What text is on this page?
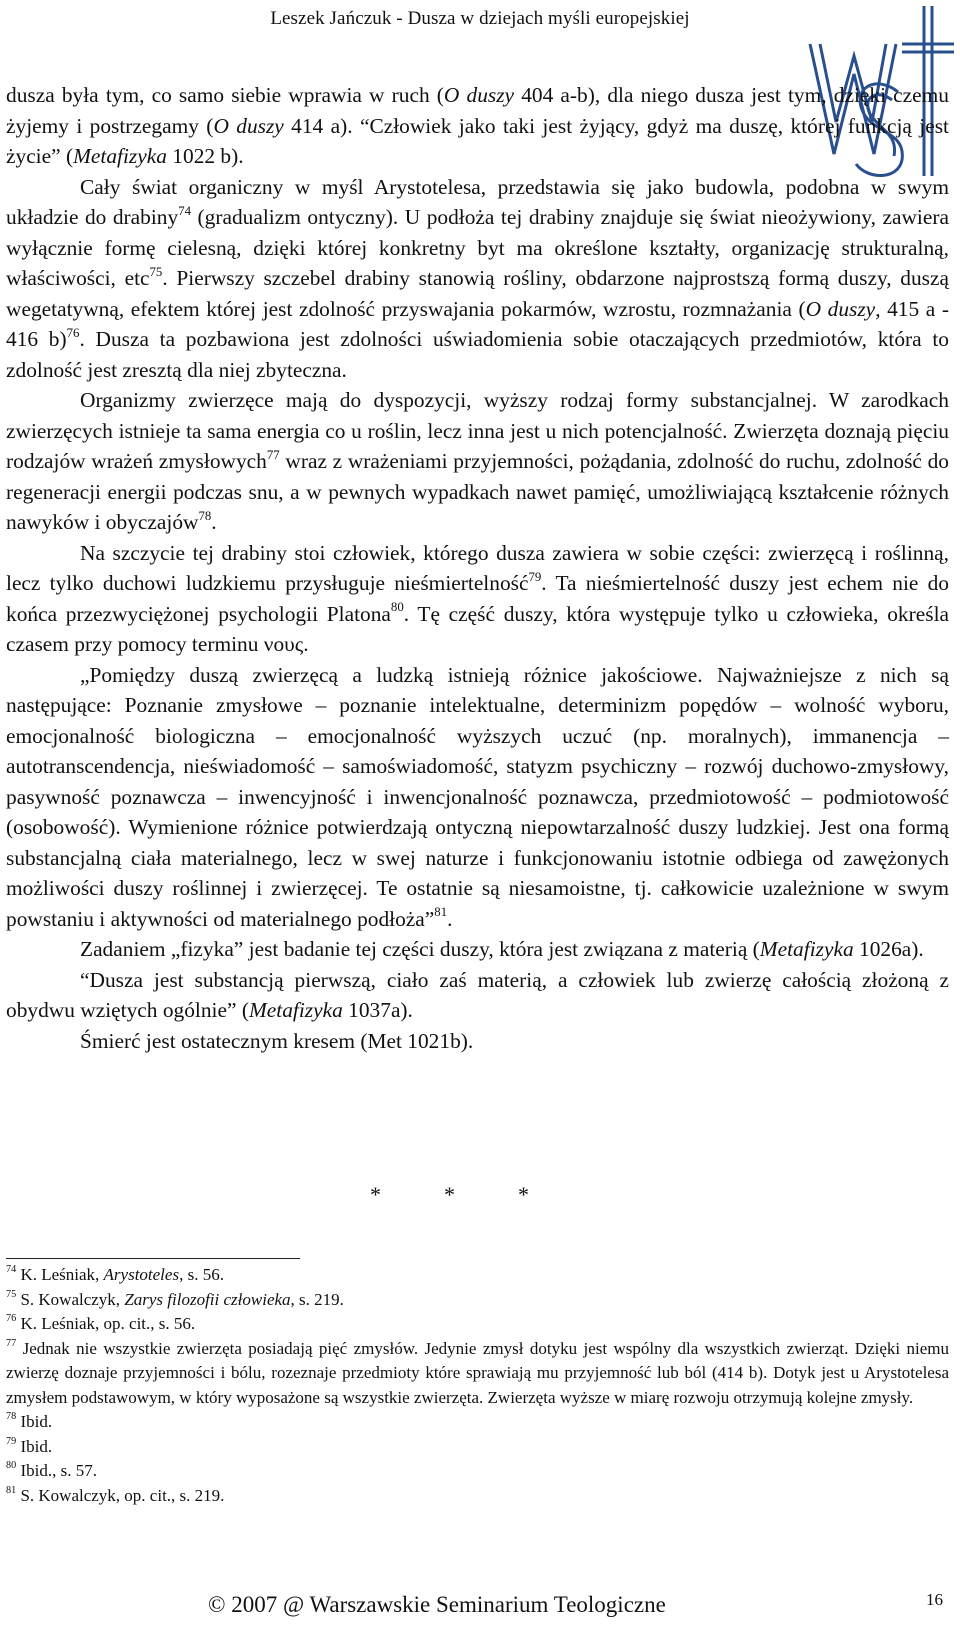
Leszek Jańczuk - Dusza w dziejach myśli europejskiej

dusza była tym, co samo siebie wprawia w ruch (O duszy 404 a-b), dla niego dusza jest tym, dzięki czemu żyjemy i postrzegamy (O duszy 414 a). “Człowiek jako taki jest żyjący, gdyż ma duszę, której funkcją jest życie” (Metafizyka 1022 b).

Cały świat organiczny w myśl Arystotelesa, przedstawia się jako budowla, podobna w swym układzie do drabiny$^{74}$ (gradualizm ontyczny). U podłoża tej drabiny znajduje się świat nieożywiony, zawiera wyłącznie formę cielesną, dzięki której konkretny byt ma określone kształty, organizację strukturalną, właściwości, etc$^{75}$. Pierwszy szczebel drabiny stanowią rośliny, obdarzone najprostszą formą duszy, duszą wegetatywną, efektem której jest zdolność przyswajania pokarmów, wzrostu, rozmnażania (O duszy, 415 a - 416 b)$^{76}$. Dusza ta pozbawiona jest zdolności uświadomienia sobie otaczających przedmiotów, która to zdolność jest zresztą dla niej zbyteczna.

Organizmy zwierzęce mają do dyspozycji, wyższy rodzaj formy substancjalnej. W zarodkach zwierzęcych istnieje ta sama energia co u roślin, lecz inna jest u nich potencjalność. Zwierzęta doznają pięciu rodzajów wrażeń zmysłowych$^{77}$ wraz z wrażeniami przyjemności, pożądania, zdolność do ruchu, zdolność do regeneracji energii podczas snu, a w pewnych wypadkach nawet pamięć, umożliwiającą kształcenie różnych nawyków i obyczajów$^{78}$.

Na szczycie tej drabiny stoi człowiek, którego dusza zawiera w sobie części: zwierzęcą i roślinną, lecz tylko duchowi ludzkiemu przysługuje nieśmiertelność$^{79}$. Ta nieśmiertelność duszy jest echem nie do końca przezwyciężonej psychologii Platona$^{80}$. Tę część duszy, która występuje tylko u człowieka, określa czasem przy pomocy terminu νους.

„Pomiędzy duszą zwierzęcą a ludzką istnieją różnice jakościowe. Najważniejsze z nich są następujące: Poznanie zmysłowe – poznanie intelektualne, determinizm popędów – wolność wyboru, emocjonalność biologiczna – emocjonalność wyższych uczuć (np. moralnych), immanencja – autotranscendencja, nieświadomość – samoświadomość, statyzm psychiczny – rozwój duchowo-zmysłowy, pasywność poznawcza – inwencyjność i inwencjonalność poznawcza, przedmiotowość – podmiotowość (osobowość). Wymienione różnice potwierdzają ontyczną niepowtarzalność duszy ludzkiej. Jest ona formą substancjalną ciała materialnego, lecz w swej naturze i funkcjonowaniu istotnie odbiega od zawężonych możliwości duszy roślinnej i zwierzęcej. Te ostatnie są niesamoistne, tj. całkowicie uzależnione w swym powstaniu i aktywności od materialnego podłoża”$^{81}$.

Zadaniem „fizyka” jest badanie tej części duszy, która jest związana z materią (Metafizyka 1026a).

“Dusza jest substancją pierwszą, ciało zaś materią, a człowiek lub zwierzę całością złożoną z obydwu wziętych ogólnie” (Metafizyka 1037a).

Śmierć jest ostatecznym kresem (Met 1021b).

*	*	*

$^{74}$ K. Leśniak, Arystoteles, s. 56.

$^{75}$ S. Kowalczyk, Zarys filozofii człowieka, s. 219.

$^{76}$ K. Leśniak, op. cit., s. 56.

$^{77}$ Jednak nie wszystkie zwierzęta posiadają pięć zmysłów. Jedynie zmysł dotyku jest wspólny dla wszystkich zwierząt. Dzięki niemu zwierzę doznaje przyjemności i bólu, rozeznaje przedmioty które sprawiają mu przyjemność lub ból (414 b). Dotyk jest u Arystotelesa zmysłem podstawowym, w który wyposażone są wszystkie zwierzęta. Zwierzęta wyższe w miarę rozwoju otrzymują kolejne zmysły.

$^{78}$ Ibid.

$^{79}$ Ibid.

$^{80}$ Ibid., s. 57.

$^{81}$ S. Kowalczyk, op. cit., s. 219.

© 2007 @ Warszawskie Seminarium Teologiczne	16
